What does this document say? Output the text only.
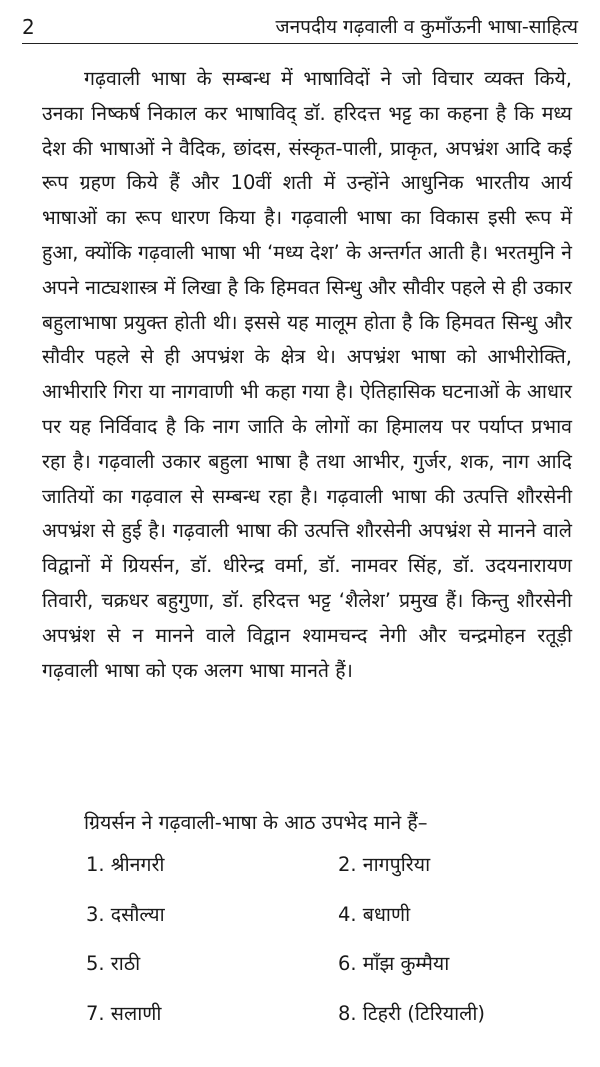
2	जनपदीय गढ़वाली व कुमाँऊनी भाषा-साहित्य

गढ़वाली भाषा के सम्बन्ध में भाषाविदों ने जो विचार व्यक्त किये, उनका निष्कर्ष निकाल कर भाषाविद् डॉ. हरिदत्त भट्ट का कहना है कि मध्य देश की भाषाओं ने वैदिक, छांदस, संस्कृत-पाली, प्राकृत, अपभ्रंश आदि कई रूप ग्रहण किये हैं और 10वीं शती में उन्होंने आधुनिक भारतीय आर्य भाषाओं का रूप धारण किया है। गढ़वाली भाषा का विकास इसी रूप में हुआ, क्योंकि गढ़वाली भाषा भी ‘मध्य देश’ के अन्तर्गत आती है। भरतमुनि ने अपने नाट्यशास्त्र में लिखा है कि हिमवत सिन्धु और सौवीर पहले से ही उकार बहुलाभाषा प्रयुक्त होती थी। इससे यह मालूम होता है कि हिमवत सिन्धु और सौवीर पहले से ही अपभ्रंश के क्षेत्र थे। अपभ्रंश भाषा को आभीरोक्ति, आभीरारि गिरा या नागवाणी भी कहा गया है। ऐतिहासिक घटनाओं के आधार पर यह निर्विवाद है कि नाग जाति के लोगों का हिमालय पर पर्याप्त प्रभाव रहा है। गढ़वाली उकार बहुला भाषा है तथा आभीर, गुर्जर, शक, नाग आदि जातियों का गढ़वाल से सम्बन्ध रहा है। गढ़वाली भाषा की उत्पत्ति शौरसेनी अपभ्रंश से हुई है। गढ़वाली भाषा की उत्पत्ति शौरसेनी अपभ्रंश से मानने वाले विद्वानों में ग्रियर्सन, डॉ. धीरेन्द्र वर्मा, डॉ. नामवर सिंह, डॉ. उदयनारायण तिवारी, चक्रधर बहुगुणा, डॉ. हरिदत्त भट्ट ‘शैलेश’ प्रमुख हैं। किन्तु शौरसेनी अपभ्रंश से न मानने वाले विद्वान श्यामचन्द नेगी और चन्द्रमोहन रतूड़ी गढ़वाली भाषा को एक अलग भाषा मानते हैं।

ग्रियर्सन ने गढ़वाली-भाषा के आठ उपभेद माने हैं–

1. श्रीनगरी	2. नागपुरिया
3. दसौल्या	4. बधाणी
5. राठी	6. माँझ कुम्मैया
7. सलाणी	8. टिहरी (टिरियाली)
